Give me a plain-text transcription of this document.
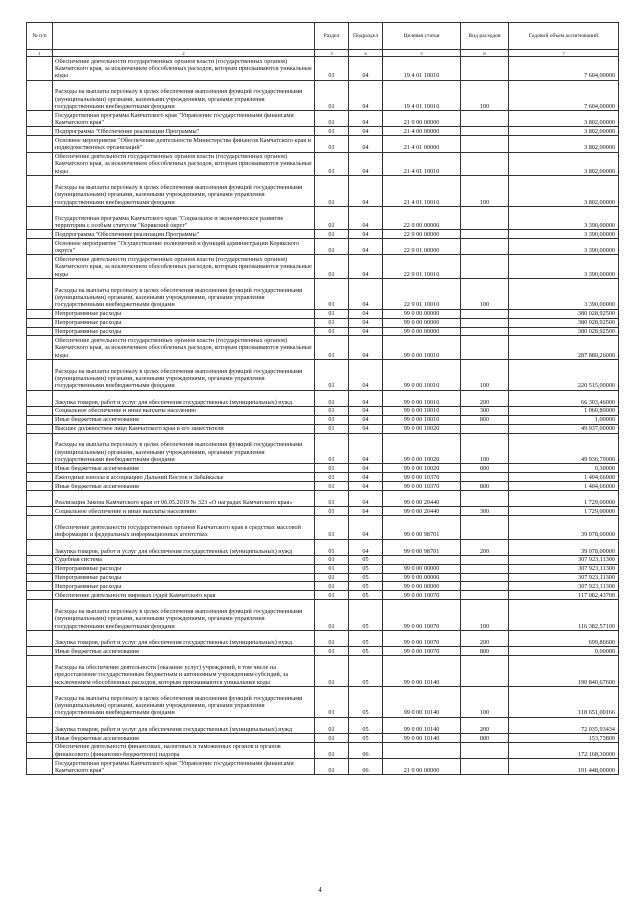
№ п/п		Раздел	Подраздел	Целевая статья	Вид расходов	Годовой объем ассигнований
1	2	3	4	5	6	7
	Обеспечение деятельности государственных органов власти (государственных органов) Камчатского края, за исключением обособленных расходов, которым присваиваются уникальные коды	01	04	19 4 01 10010		7 604,00000
	Расходы на выплаты персоналу в целях обеспечения выполнения функций государственными (муниципальными) органами, казенными учреждениями, органами управления государственными внебюджетными фондами	01	04	19 4 01 10010	100	7 604,00000
	Государственная программа Камчатского края "Управление государственными финансами Камчатского края"	01	04	21 0 00 00000		3 802,00000
	Подпрограмма "Обеспечение реализации Программы"	01	04	21 4 00 00000		3 802,00000
	Основное мероприятие "Обеспечение деятельности Министерства финансов Камчатского края и подведомственных организаций"	01	04	21 4 01 00000		3 802,00000
	Обеспечение деятельности государственных органов власти (государственных органов) Камчатского края, за исключением обособленных расходов, которым присваиваются уникальные коды	01	04	21 4 01 10010		3 802,00000
	Расходы на выплаты персоналу в целях обеспечения выполнения функций государственными (муниципальными) органами, казенными учреждениями, органами управления государственными внебюджетными фондами	01	04	21 4 01 10010	100	3 802,00000
	Государственная программа Камчатского края "Социальное и экономическое развитие территории с особым статусом "Корякский округ"	01	04	22 0 00 00000		3 390,00000
	Подпрограмма "Обеспечение реализации Программы"	01	04	22 9 00 00000		3 390,00000
	Основное мероприятие "Осуществление полномочий и функций администрации Корякского округа"	01	04	22 9 01 00000		3 390,00000
	Обеспечение деятельности государственных органов власти (государственных органов) Камчатского края, за исключением обособленных расходов, которым присваиваются уникальные коды	01	04	22 9 01 10010		3 390,00000
	Расходы на выплаты персоналу в целях обеспечения выполнения функций государственными (муниципальными) органами, казенными учреждениями, органами управления государственными внебюджетными фондами	01	04	22 9 01 10010	100	3 390,00000
	Непрограммные расходы	01	04	99 0 00 00000		380 028,92500
	Непрограммные расходы	01	04	99 0 00 00000		380 028,92500
	Непрограммные расходы	01	04	99 0 00 00000		380 028,92500
	Обеспечение деятельности государственных органов власти (государственных органов) Камчатского края, за исключением обособленных расходов, которым присваиваются уникальные коды	01	04	99 0 00 10010		287 880,26000
	Расходы на выплаты персоналу в целях обеспечения выполнения функций государственными (муниципальными) органами, казенными учреждениями, органами управления государственными внебюджетными фондами	01	04	99 0 00 10010	100	220 515,00000
	Закупка товаров, работ и услуг для обеспечения государственных (муниципальных) нужд	01	04	99 0 00 10010	200	66 303,46000
	Социальное обеспечение и иные выплаты населению	01	04	99 0 00 10010	300	1 060,80000
	Иные бюджетные ассигнования	01	04	99 0 00 10010	800	1,00000
	Высшее должностное лицо Камчатского края и его заместители	01	04	99 0 00 10020		49 937,00000
	Расходы на выплаты персоналу в целях обеспечения выполнения функций государственными (муниципальными) органами, казенными учреждениями, органами управления государственными внебюджетными фондами	01	04	99 0 00 10020	100	49 936,70000
	Иные бюджетные ассигнования	01	04	99 0 00 10020	800	0,30000
	Ежегодные взносы в ассоциацию Дальний Восток и Забайкалье	01	04	99 0 00 10370		1 404,66000
	Иные бюджетные ассигнования	01	04	99 0 00 10370	800	1 404,66000
	Реализация Закона Камчатского края от 06.05.2019 № 323 «О наградах Камчатского края»	01	04	99 0 00 20440		1 729,00000
	Социальное обеспечение и иные выплаты населению	01	04	99 0 00 20440	300	1 729,00000
	Обеспечение деятельности государственных органов Камчатского края в средствах массовой информации и федеральных информационных агентствах	01	04	99 0 00 98701		39 078,00000
	Закупка товаров, работ и услуг для обеспечения государственных (муниципальных) нужд	01	04	99 0 00 98701	200	39 078,00000
	Судебная система	01	05			307 923,11300
	Непрограммные расходы	01	05	99 0 00 00000		307 923,11300
	Непрограммные расходы	01	05	99 0 00 00000		307 923,11300
	Непрограммные расходы	01	05	99 0 00 00000		307 923,11300
	Обеспечение деятельности мировых судей Камчатского края	01	05	99 0 00 10070		117 082,43700
	Расходы на выплаты персоналу в целях обеспечения выполнения функций государственными (муниципальными) органами, казенными учреждениями, органами управления государственными внебюджетными фондами	01	05	99 0 00 10070	100	116 382,57100
	Закупка товаров, работ и услуг для обеспечения государственных (муниципальных) нужд	01	05	99 0 00 10070	200	699,86600
	Иные бюджетные ассигнования	01	05	99 0 00 10070	800	0,00000
	Расходы на обеспечение деятельности (оказание услуг) учреждений, в том числе на предоставление государственным бюджетным и автономным учреждениям субсидий, за исключением обособленных расходов, которым присваиваются уникальные коды	01	05	99 0 00 10140		190 840,67600
	Расходы на выплаты персоналу в целях обеспечения выполнения функций государственными (муниципальными) органами, казенными учреждениями, органами управления государственными внебюджетными фондами	01	05	99 0 00 10140	100	118 651,00166
	Закупка товаров, работ и услуг для обеспечения государственных (муниципальных) нужд	01	05	99 0 00 10140	200	72 035,93434
	Иные бюджетные ассигнования	01	05	99 0 00 10140	800	153,73800
	Обеспечение деятельности финансовых, налоговых и таможенных органов и органов финансового (финансово-бюджетного) надзора	01	06			172 168,30000
	Государственная программа Камчатского края "Управление государственными финансами Камчатского края"	01	06	21 0 00 00000		101 448,00000
4
